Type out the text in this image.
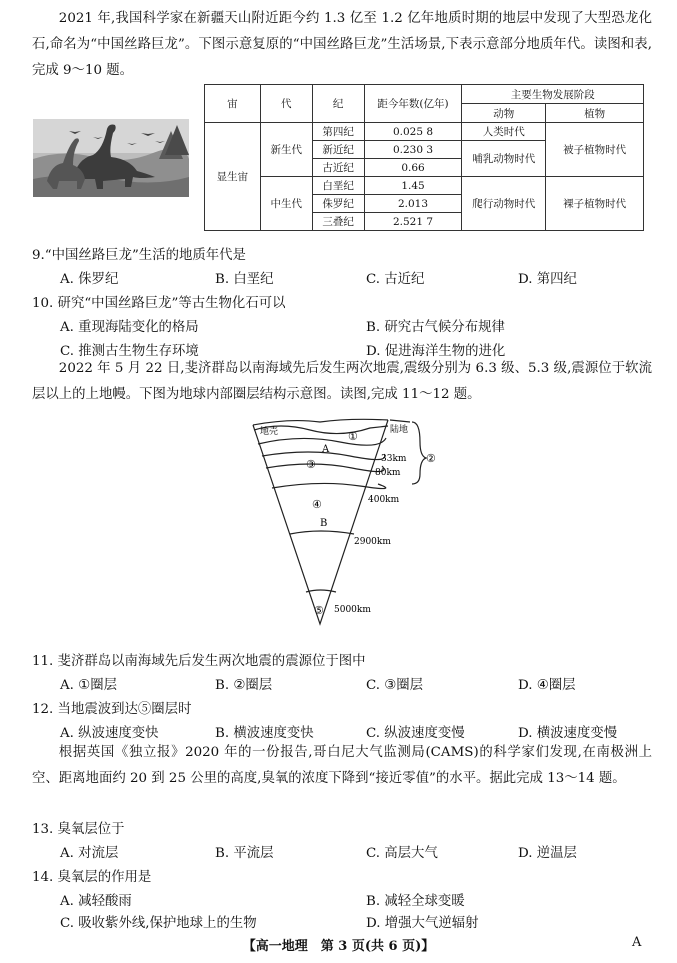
2021 年,我国科学家在新疆天山附近距今约 1.3 亿至 1.2 亿年地质时期的地层中发现了大型恐龙化石,命名为“中国丝路巨龙”。下图示意复原的“中国丝路巨龙”生活场景,下表示意部分地质年代。读图和表,完成 9～10 题。
宙	代	纪	距今年数(亿年)	主要生物发展阶段	
				动物	植物
显生宙	新生代	第四纪	0.025 8	人类时代	被子植物时代
		新近纪	0.230 3	哺乳动物时代	
		古近纪	0.66		
	中生代	白垩纪	1.45	爬行动物时代	裸子植物时代
		侏罗纪	2.013		
		三叠纪	2.521 7		
9.“中国丝路巨龙”生活的地质年代是
A. 侏罗纪	B. 白垩纪	C. 古近纪	D. 第四纪
10. 研究“中国丝路巨龙”等古生物化石可以
A. 重现海陆变化的格局	B. 研究古气候分布规律
C. 推测古生物生存环境	D. 促进海洋生物的进化
2022 年 5 月 22 日,斐济群岛以南海域先后发生两次地震,震级分别为 6.3 级、5.3 级,震源位于软流层以上的上地幔。下图为地球内部圈层结构示意图。读图,完成 11～12 题。
地壳	①	陆地
A
②
③	33km
80km
④	400km
B
2900km
⑤ 5000km
11. 斐济群岛以南海域先后发生两次地震的震源位于图中
A. ①圈层	B. ②圈层	C. ③圈层	D. ④圈层
12. 当地震波到达⑤圈层时
A. 纵波速度变快	B. 横波速度变快	C. 纵波速度变慢	D. 横波速度变慢
根据英国《独立报》2020 年的一份报告,哥白尼大气监测局(CAMS)的科学家们发现,在南极洲上空、距离地面约 20 到 25 公里的高度,臭氧的浓度下降到“接近零值”的水平。据此完成 13～14 题。
13. 臭氧层位于
A. 对流层	B. 平流层	C. 高层大气	D. 逆温层
14. 臭氧层的作用是
A. 减轻酸雨	B. 减轻全球变暖
C. 吸收紫外线,保护地球上的生物	D. 增强大气逆辐射
【高一地理　第 3 页(共 6 页)】	A
